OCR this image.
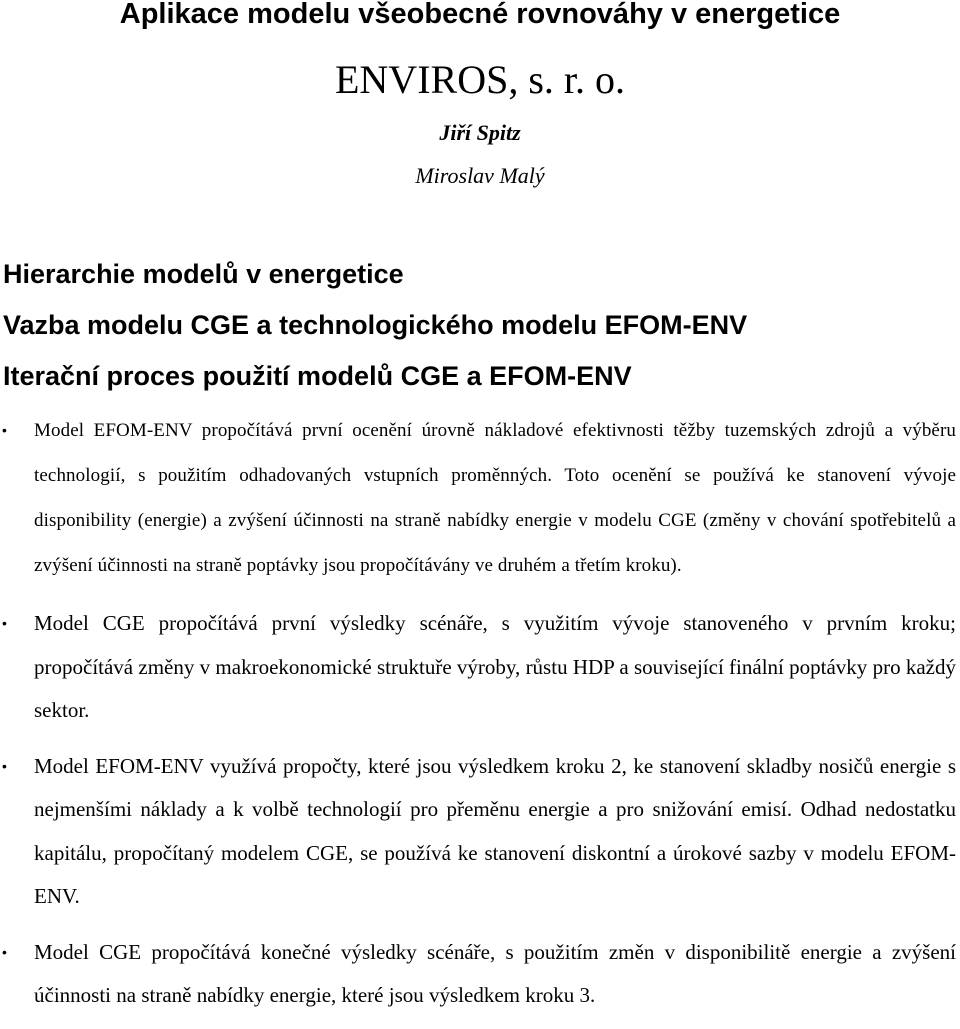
Aplikace modelu všeobecné rovnováhy v energetice
ENVIROS, s. r. o.
Jiří Spitz
Miroslav Malý
Hierarchie modelů v energetice
Vazba modelu CGE a technologického modelu EFOM-ENV
Iterační proces použití modelů CGE a EFOM-ENV
• Model EFOM-ENV propočítává první ocenění úrovně nákladové efektivnosti těžby tuzemských zdrojů a výběru technologií, s použitím odhadovaných vstupních proměnných. Toto ocenění se používá ke stanovení vývoje disponibility (energie) a zvýšení účinnosti na straně nabídky energie v modelu CGE (změny v chování spotřebitelů a zvýšení účinnosti na straně poptávky jsou propočítávány ve druhém a třetím kroku).
• Model CGE propočítává první výsledky scénáře, s využitím vývoje stanoveného v prvním kroku; propočítává změny v makroekonomické struktuře výroby, růstu HDP a související finální poptávky pro každý sektor.
• Model EFOM-ENV využívá propočty, které jsou výsledkem kroku 2, ke stanovení skladby nosičů energie s nejmenšími náklady a k volbě technologií pro přeměnu energie a pro snižování emisí. Odhad nedostatku kapitálu, propočítaný modelem CGE, se používá ke stanovení diskontní a úrokové sazby v modelu EFOM-ENV.
• Model CGE propočítává konečné výsledky scénáře, s použitím změn v disponibilitě energie a zvýšení účinnosti na straně nabídky energie, které jsou výsledkem kroku 3.
